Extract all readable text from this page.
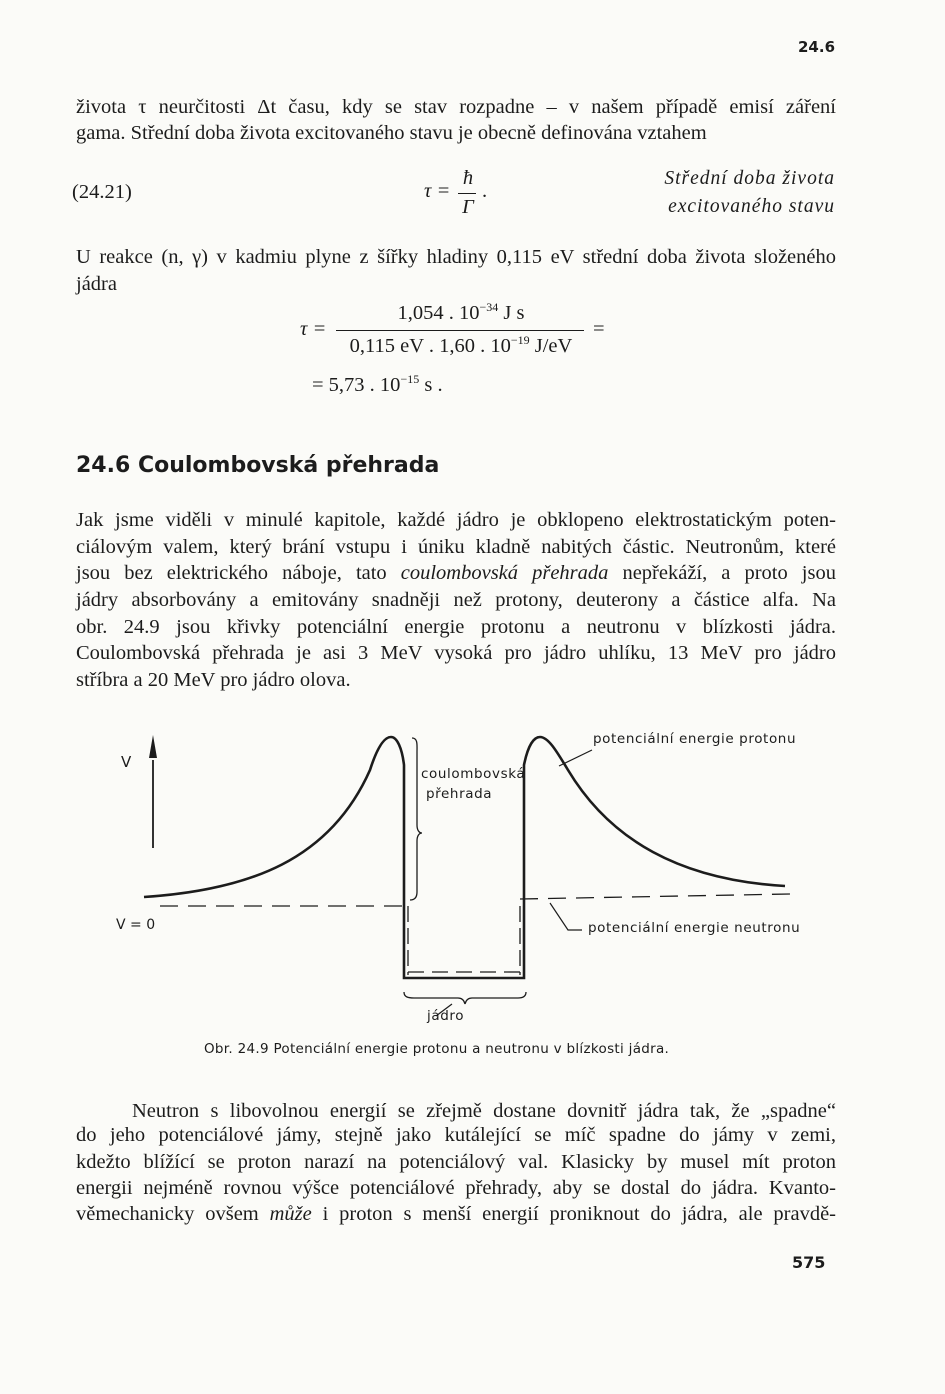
24.6
života τ neurčitosti Δt času, kdy se stav rozpadne – v našem případě emisí záření
gama. Střední doba života excitovaného stavu je obecně definována vztahem
(24.21)	τ =
ħ
Γ
.
Střední doba života
excitovaného stavu
U reakce (n, γ) v kadmiu plyne z šířky hladiny 0,115 eV střední doba života složeného
jádra
τ =
1,054 . $10^{-34}$ J s
0,115 eV . 1,60 . $10^{-19}$ J/eV
=
= 5,73 . $10^{-15}$ s .
24.6 Coulombovská přehrada
Jak jsme viděli v minulé kapitole, každé jádro je obklopeno elektrostatickým poten-
ciálovým valem, který brání vstupu i úniku kladně nabitých částic. Neutronům, které
jsou bez elektrického náboje, tato coulombovská přehrada nepřekáží, a proto jsou
jádry absorbovány a emitovány snadněji než protony, deuterony a částice alfa. Na
obr. 24.9 jsou křivky potenciální energie protonu a neutronu v blízkosti jádra.
Coulombovská přehrada je asi 3 MeV vysoká pro jádro uhlíku, 13 MeV pro jádro
stříbra a 20 MeV pro jádro olova.
V
V = 0
coulombovská
přehrada
potenciální energie protonu
potenciální energie neutronu
jádro
Obr. 24.9 Potenciální energie protonu a neutronu v blízkosti jádra.
Neutron s libovolnou energií se zřejmě dostane dovnitř jádra tak, že „spadne“
do jeho potenciálové jámy, stejně jako kutálející se míč spadne do jámy v zemi,
kdežto blížící se proton narazí na potenciálový val. Klasicky by musel mít proton
energii nejméně rovnou výšce potenciálové přehrady, aby se dostal do jádra. Kvanto-
věmechanicky ovšem může i proton s menší energií proniknout do jádra, ale pravdě-
575
